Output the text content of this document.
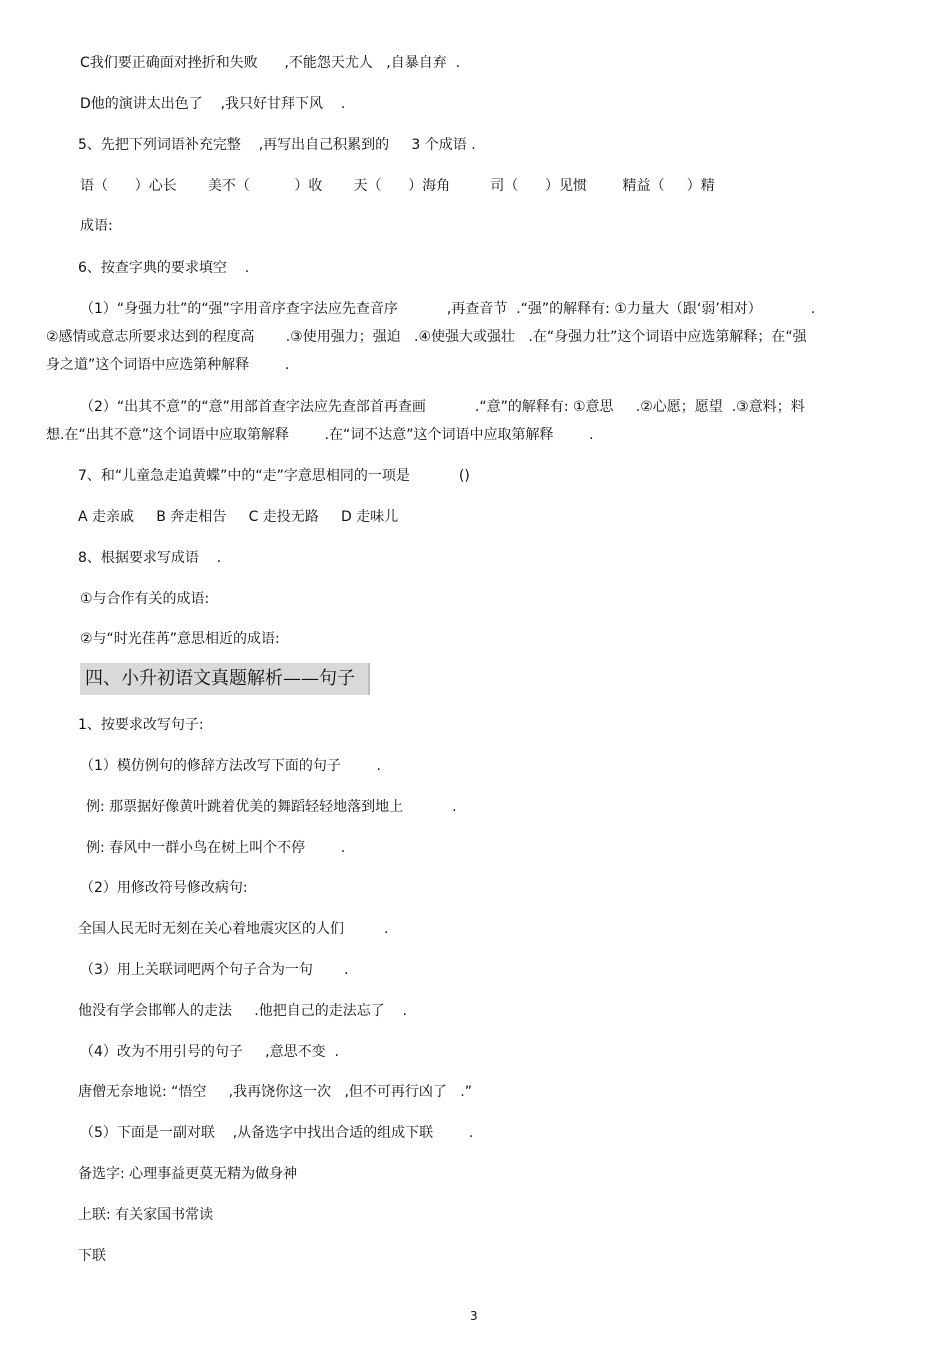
C我们要正确面对挫折和失败      ,不能怨天尤人   ,自暴自弃  .
D他的演讲太出色了    ,我只好甘拜下风    .
5、先把下列词语补充完整    ,再写出自己积累到的     3 个成语 .
语（      ）心长       美不（          ）收       天（      ）海角         司（      ）见惯        精益（     ）精
成语:
6、按查字典的要求填空    .
（1）“身强力壮”的“强”字用音序查字法应先查音序           ,再查音节  .“强”的解释有: ①力量大（跟‘弱’相对）           .
②感情或意志所要求达到的程度高       .③使用强力；强迫   .④使强大或强壮   .在“身强力壮”这个词语中应选第解释；在“强
身之道”这个词语中应选第种解释        .
（2）“出其不意”的“意”用部首查字法应先查部首再查画           .“意”的解释有: ①意思     .②心愿；愿望  .③意料；料
想.在“出其不意”这个词语中应取第解释        .在“词不达意”这个词语中应取第解释        .
7、和“儿童急走追黄蝶”中的“走”字意思相同的一项是           ()
A 走亲戚     B 奔走相告     C 走投无路     D 走味儿
8、根据要求写成语    .
①与合作有关的成语:
②与“时光荏苒”意思相近的成语:
四、小升初语文真题解析——句子
1、按要求改写句子:
（1）模仿例句的修辞方法改写下面的句子        .
例: 那票据好像黄叶跳着优美的舞蹈轻轻地落到地上           .
例: 春风中一群小鸟在树上叫个不停        .
（2）用修改符号修改病句:
全国人民无时无刻在关心着地震灾区的人们         .
（3）用上关联词吧两个句子合为一句       .
他没有学会邯郸人的走法     .他把自己的走法忘了    .
（4）改为不用引号的句子     ,意思不变  .
唐僧无奈地说: “悟空     ,我再饶你这一次   ,但不可再行凶了   .”
（5）下面是一副对联    ,从备选字中找出合适的组成下联        .
备选字: 心理事益更莫无精为做身神
上联: 有关家国书常读
下联
3
